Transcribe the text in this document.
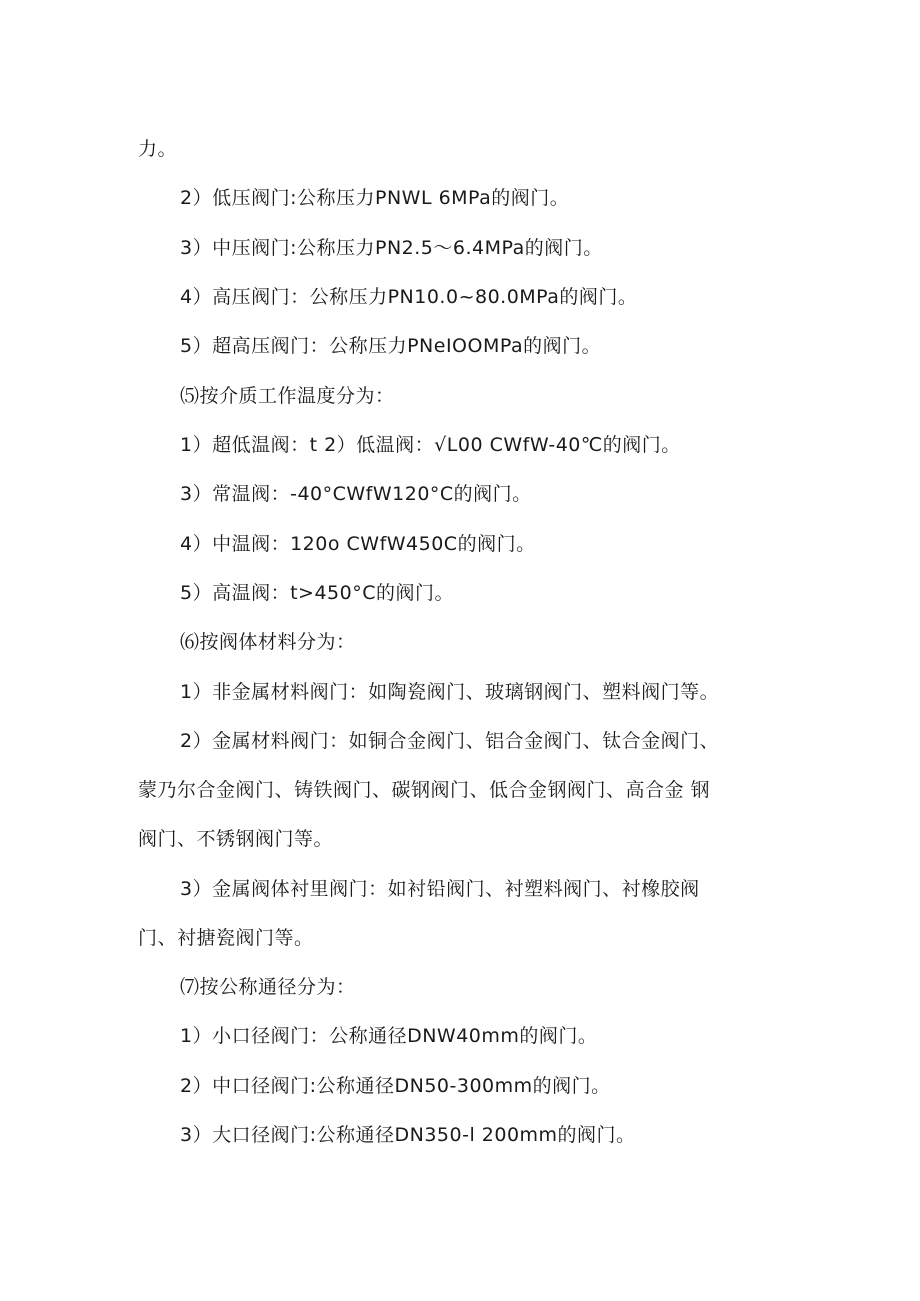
力。
2）低压阀门:公称压力PNWL 6MPa的阀门。
3）中压阀门:公称压力PN2.5～6.4MPa的阀门。
4）高压阀门：公称压力PN10.0~80.0MPa的阀门。
5）超高压阀门：公称压力PNeIOOMPa的阀门。
⑸按介质工作温度分为：
1）超低温阀：t 2）低温阀：√L00 CWfW-40℃的阀门。
3）常温阀：-40°CWfW120°C的阀门。
4）中温阀：120o CWfW450C的阀门。
5）高温阀：t>450°C的阀门。
⑹按阀体材料分为：
1）非金属材料阀门：如陶瓷阀门、玻璃钢阀门、塑料阀门等。
2）金属材料阀门：如铜合金阀门、铝合金阀门、钛合金阀门、
蒙乃尔合金阀门、铸铁阀门、碳钢阀门、低合金钢阀门、高合金 钢
阀门、不锈钢阀门等。
3）金属阀体衬里阀门：如衬铅阀门、衬塑料阀门、衬橡胶阀
门、衬搪瓷阀门等。
⑺按公称通径分为：
1）小口径阀门：公称通径DNW40mm的阀门。
2）中口径阀门:公称通径DN50-300mm的阀门。
3）大口径阀门:公称通径DN350-l 200mm的阀门。
